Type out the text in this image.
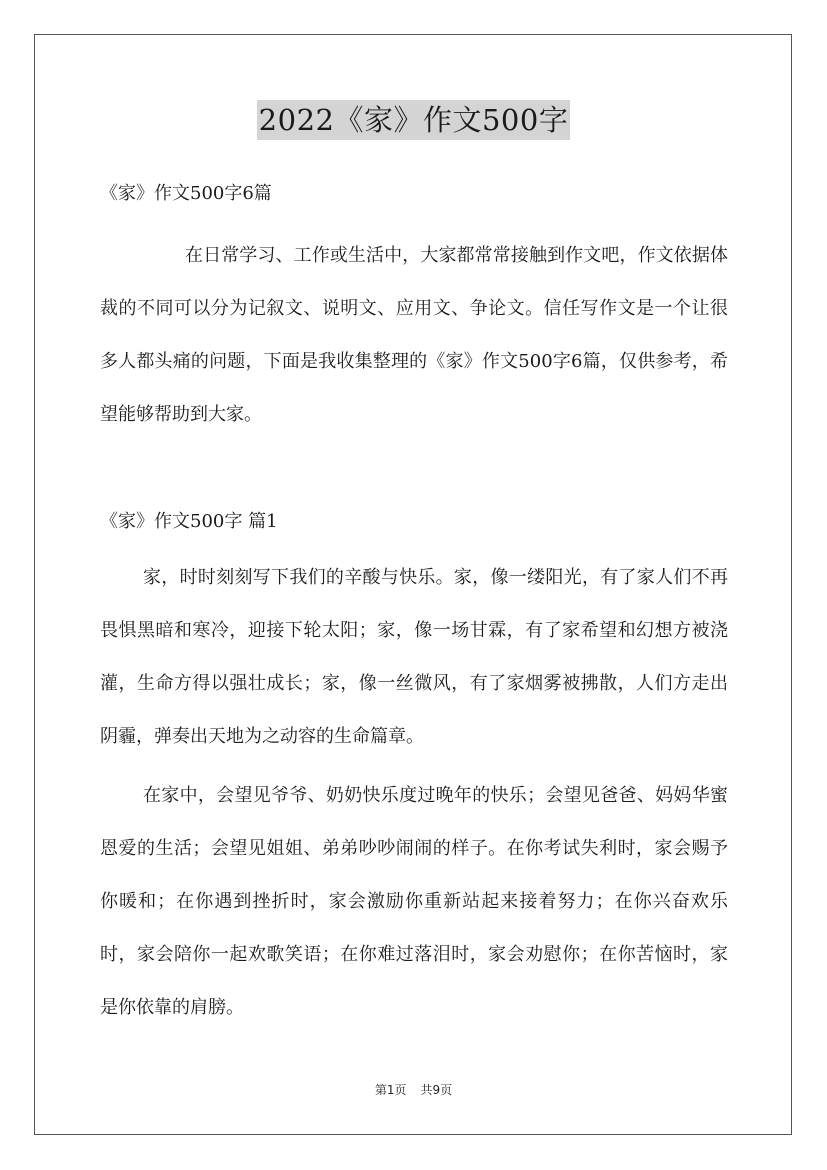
2022《家》作文500字

《家》作文500字6篇

在日常学习、工作或生活中，大家都常常接触到作文吧，作文依据体裁的不同可以分为记叙文、说明文、应用文、争论文。信任写作文是一个让很多人都头痛的问题，下面是我收集整理的《家》作文500字6篇，仅供参考，希望能够帮助到大家。

《家》作文500字 篇1

家，时时刻刻写下我们的辛酸与快乐。家，像一缕阳光，有了家人们不再畏惧黑暗和寒冷，迎接下轮太阳；家，像一场甘霖，有了家希望和幻想方被浇灌，生命方得以强壮成长；家，像一丝微风，有了家烟雾被拂散，人们方走出阴霾，弹奏出天地为之动容的生命篇章。

在家中，会望见爷爷、奶奶快乐度过晚年的快乐；会望见爸爸、妈妈华蜜恩爱的生活；会望见姐姐、弟弟吵吵闹闹的样子。在你考试失利时，家会赐予你暖和；在你遇到挫折时，家会激励你重新站起来接着努力；在你兴奋欢乐时，家会陪你一起欢歌笑语；在你难过落泪时，家会劝慰你；在你苦恼时，家是你依靠的肩膀。

第1页 共9页
